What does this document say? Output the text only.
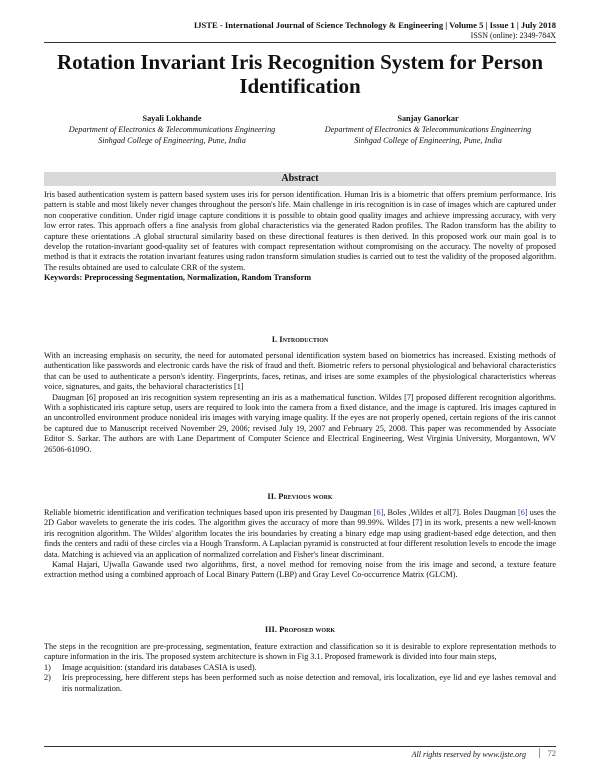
IJSTE - International Journal of Science Technology & Engineering | Volume 5 | Issue 1 | July 2018
ISSN (online): 2349-784X
Rotation Invariant Iris Recognition System for Person Identification
Sayali Lokhande
Department of Electronics & Telecommunications Engineering
Sinhgad College of Engineering, Pune, India
Sanjay Ganorkar
Department of Electronics & Telecommunications Engineering
Sinhgad College of Engineering, Pune, India
Abstract
Iris based authentication system is pattern based system uses iris for person identification. Human Iris is a biometric that offers premium performance. Iris pattern is stable and most likely never changes throughout the person's life. Main challenge in iris recognition is in case of images which are captured under non cooperative condition. Under rigid image capture conditions it is possible to obtain good quality images and achieve impressing accuracy, with very low error rates. This approach offers a fine analysis from global characteristics via the generated Radon profiles. The Radon transform has the ability to capture these orientations .A global structural similarity based on these directional features is then derived. In this proposed work our main goal is to develop the rotation-invariant good-quality set of features with compact representation without compromising on the accuracy. The novelty of proposed method is that it extracts the rotation invariant features using radon transform simulation studies is carried out to test the validity of the proposed algorithm. The results obtained are used to calculate CRR of the system.
Keywords: Preprocessing Segmentation, Normalization, Random Transform
I. Introduction

With an increasing emphasis on security, the need for automated personal identification system based on biometrics has increased. Existing methods of authentication like passwords and electronic cards have the risk of fraud and theft. Biometric refers to personal physiological and behavioral characteristics that can be used to authenticate a person's identity. Fingerprints, faces, retinas, and irises are some examples of the physiological characteristics whereas voice, signatures, and gaits, the behavioral characteristics [1]

Daugman [6] proposed an iris recognition system representing an iris as a mathematical function. Wildes [7] proposed different recognition algorithms. With a sophisticated iris capture setup, users are required to look into the camera from a fixed distance, and the image is captured. Iris images captured in an uncontrolled environment produce nonideal iris images with varying image quality. If the eyes are not properly opened, certain regions of the iris cannot be captured due to Manuscript received November 29, 2006; revised July 19, 2007 and February 25, 2008. This paper was recommended by Associate Editor S. Sarkar. The authors are with Lane Department of Computer Science and Electrical Engineering, West Virginia University, Morgantown, WV 26506-6109O.

II. Previous work

Reliable biometric identification and verification techniques based upon iris presented by Daugman [6], Boles ,Wildes et al[7]. Boles Daugman [6] uses the 2D Gabor wavelets to generate the iris codes. The algorithm gives the accuracy of more than 99.99%. Wildes [7] in its work, presents a new well-known iris recognition algorithm. The Wildes' algorithm locates the iris boundaries by creating a binary edge map using gradient-based edge detection, and then finds the centers and radii of these circles via a Hough Transform. A Laplacian pyramid is constructed at four different resolution levels to encode the image data. Matching is achieved via an application of normalized correlation and Fisher's linear discriminant.

Kamal Hajari, Ujwalla Gawande used two algorithms, first, a novel method for removing noise from the iris image and second, a texture feature extraction method using a combined approach of Local Binary Pattern (LBP) and Gray Level Co-occurrence Matrix (GLCM).

III. Proposed work

The steps in the recognition are pre-processing, segmentation, feature extraction and classification so it is desirable to explore representation methods to capture information in the iris. The proposed system architecture is shown in Fig 3.1. Proposed framework is divided into four main steps,

1)	Image acquisition: (standard iris databases CASIA is used).
2)	Iris preprocessing, here different steps has been performed such as noise detection and removal, iris localization, eye lid and eye lashes removal and iris normalization.
All rights reserved by www.ijste.org	72
